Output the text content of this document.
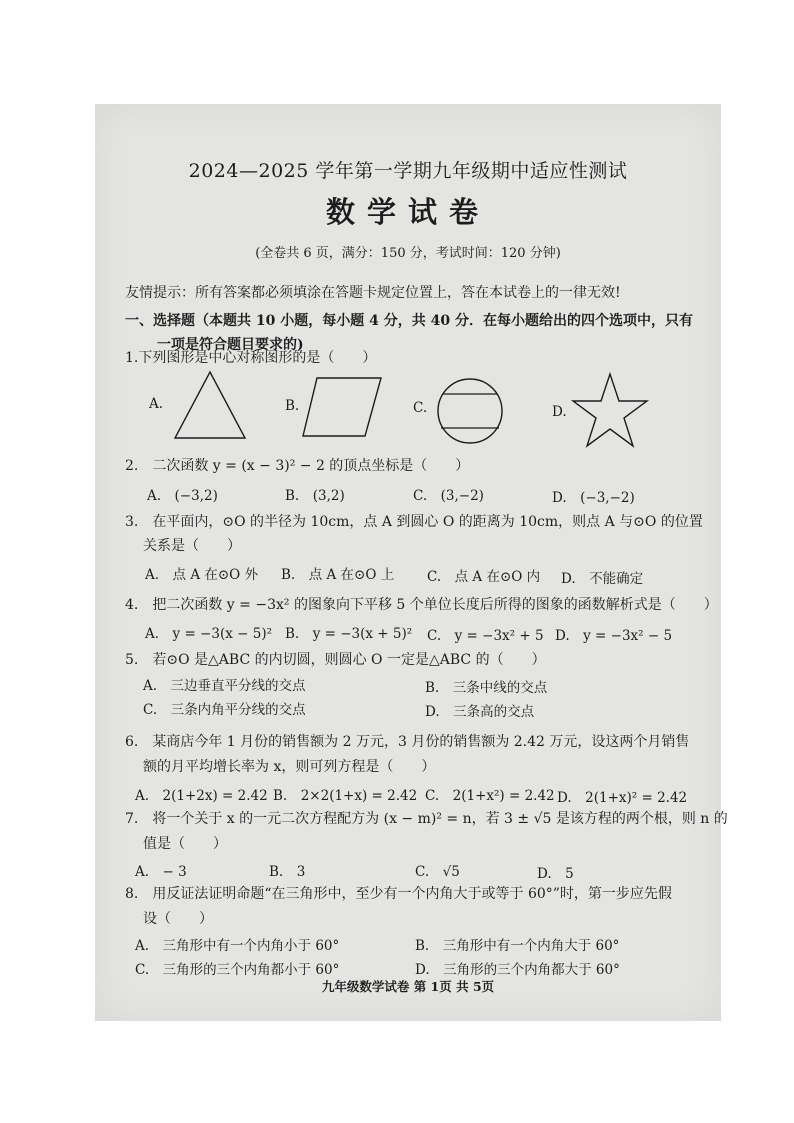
2024—2025 学年第一学期九年级期中适应性测试
数学试卷
(全卷共 6 页，满分：150 分，考试时间：120 分钟)
友情提示：所有答案都必须填涂在答题卡规定位置上，答在本试卷上的一律无效!
一、选择题（本题共 10 小题，每小题 4 分，共 40 分．在每小题给出的四个选项中，只有
一项是符合题目要求的)
1.下列图形是中心对称图形的是（　　）
A.	B.	C.	D.
2.　二次函数 y = (x − 3)² − 2 的顶点坐标是（　　）
A.　(−3,2)	B.　(3,2)	C.　(3,−2)	D.　(−3,−2)
3.　在平面内，⊙O 的半径为 10cm，点 A 到圆心 O 的距离为 10cm，则点 A 与⊙O 的位置
关系是（　　）
A.　点 A 在⊙O 外 B.　点 A 在⊙O 上 C.　点 A 在⊙O 内 D.　不能确定
4.　把二次函数 y = −3x² 的图象向下平移 5 个单位长度后所得的图象的函数解析式是（　　）
A.　y = −3(x − 5)² B.　y = −3(x + 5)² C.　y = −3x² + 5 D.　y = −3x² − 5
5.　若⊙O 是△ABC 的内切圆，则圆心 O 一定是△ABC 的（　　）
A.　三边垂直平分线的交点	B.　三条中线的交点
C.　三条内角平分线的交点	D.　三条高的交点
6.　某商店今年 1 月份的销售额为 2 万元，3 月份的销售额为 2.42 万元，设这两个月销售
额的月平均增长率为 x，则可列方程是（　　）
A.　2(1+2x) = 2.42 B.　2×2(1+x) = 2.42 C.　2(1+x²) = 2.42 D.　2(1+x)² = 2.42
7.　将一个关于 x 的一元二次方程配方为 (x − m)² = n，若 3 ± √5 是该方程的两个根，则 n 的
值是（　　）
A.　− 3	B.　3	C.　√5	D.　5
8.　用反证法证明命题“在三角形中，至少有一个内角大于或等于 60°”时，第一步应先假
设（　　）
A.　三角形中有一个内角小于 60°	B.　三角形中有一个内角大于 60°
C.　三角形的三个内角都小于 60°	D.　三角形的三个内角都大于 60°
九年级数学试卷 第 1页 共 5页
